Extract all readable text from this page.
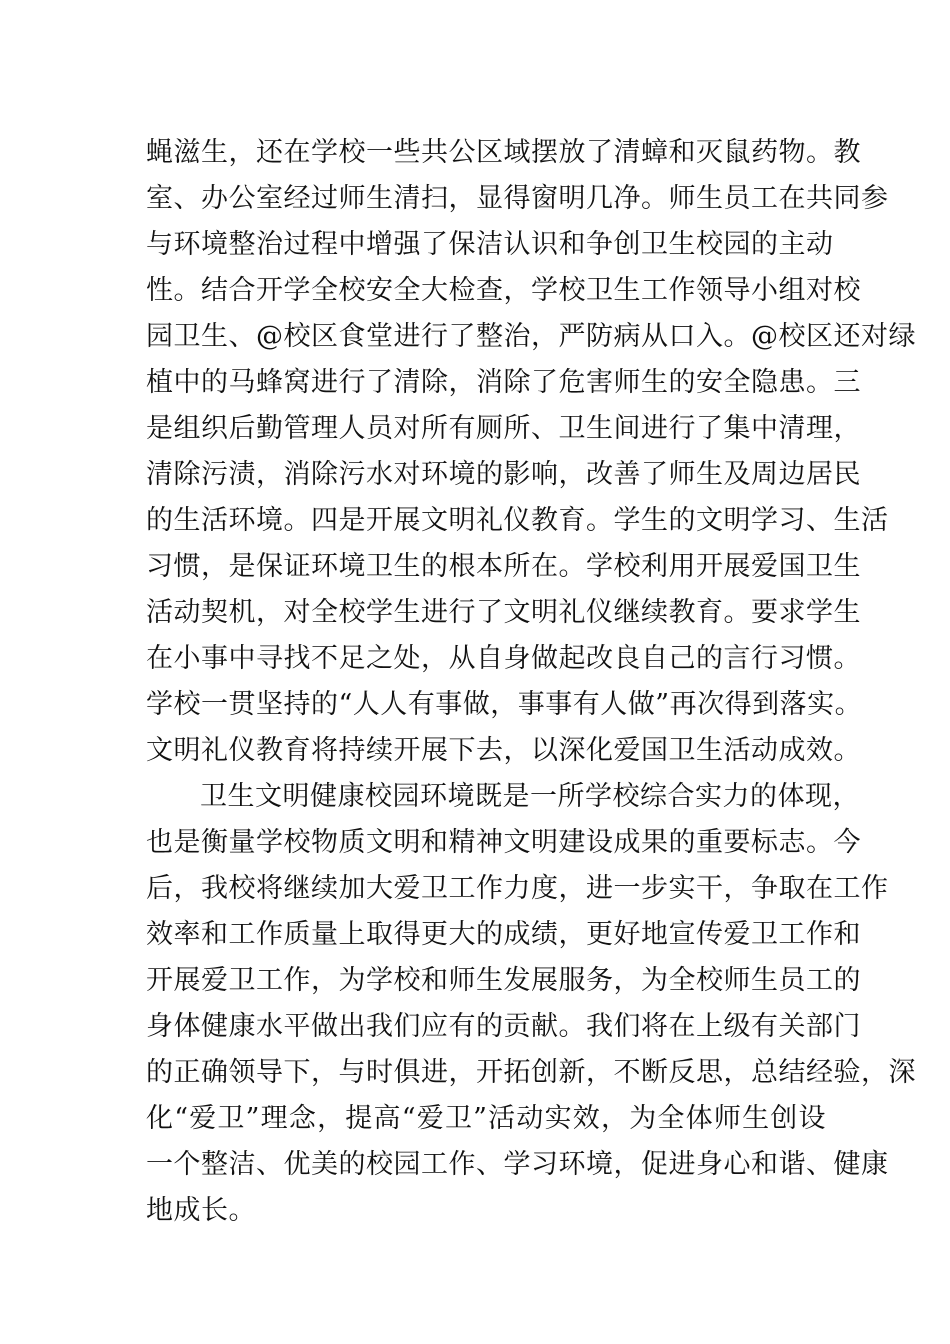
蝇滋生，还在学校一些共公区域摆放了清蟑和灭鼠药物。教
室、办公室经过师生清扫，显得窗明几净。师生员工在共同参
与环境整治过程中增强了保洁认识和争创卫生校园的主动
性。结合开学全校安全大检查，学校卫生工作领导小组对校
园卫生、@校区食堂进行了整治，严防病从口入。@校区还对绿
植中的马蜂窝进行了清除，消除了危害师生的安全隐患。三
是组织后勤管理人员对所有厕所、卫生间进行了集中清理，
清除污渍，消除污水对环境的影响，改善了师生及周边居民
的生活环境。四是开展文明礼仪教育。学生的文明学习、生活
习惯，是保证环境卫生的根本所在。学校利用开展爱国卫生
活动契机，对全校学生进行了文明礼仪继续教育。要求学生
在小事中寻找不足之处，从自身做起改良自己的言行习惯。
学校一贯坚持的“人人有事做，事事有人做”再次得到落实。
文明礼仪教育将持续开展下去，以深化爱国卫生活动成效。
卫生文明健康校园环境既是一所学校综合实力的体现，
也是衡量学校物质文明和精神文明建设成果的重要标志。今
后，我校将继续加大爱卫工作力度，进一步实干，争取在工作
效率和工作质量上取得更大的成绩，更好地宣传爱卫工作和
开展爱卫工作，为学校和师生发展服务，为全校师生员工的
身体健康水平做出我们应有的贡献。我们将在上级有关部门
的正确领导下，与时俱进，开拓创新，不断反思，总结经验，深
化“爱卫”理念，提高“爱卫”活动实效，为全体师生创设
一个整洁、优美的校园工作、学习环境，促进身心和谐、健康
地成长。
